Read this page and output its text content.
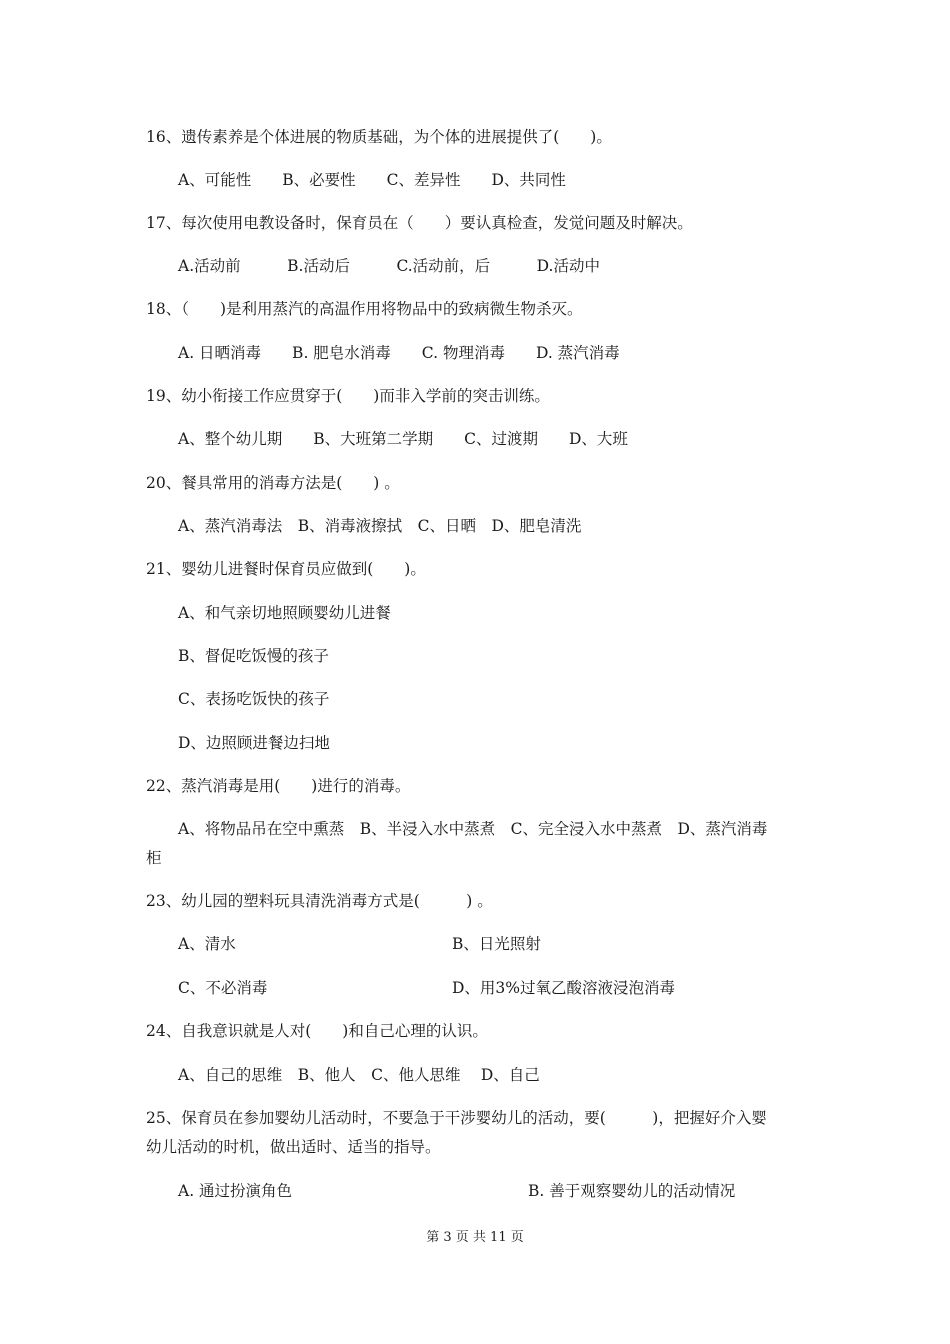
16、遗传素养是个体进展的物质基础，为个体的进展提供了(　　)。
A、可能性　　B、必要性　　C、差异性　　D、共同性
17、每次使用电教设备时，保育员在（　　）要认真检查，发觉问题及时解决。
A.活动前　　　B.活动后　　　C.活动前，后　　　D.活动中
18、（　　)是利用蒸汽的高温作用将物品中的致病微生物杀灭。
A. 日晒消毒　　B. 肥皂水消毒　　C. 物理消毒　　D. 蒸汽消毒
19、幼小衔接工作应贯穿于(　　)而非入学前的突击训练。
A、整个幼儿期　　B、大班第二学期　　C、过渡期　　D、大班
20、餐具常用的消毒方法是(　　) 。
A、蒸汽消毒法　B、消毒液擦拭　C、日晒　D、肥皂清洗
21、婴幼儿进餐时保育员应做到(　　)。
A、和气亲切地照顾婴幼儿进餐
B、督促吃饭慢的孩子
C、表扬吃饭快的孩子
D、边照顾进餐边扫地
22、蒸汽消毒是用(　　)进行的消毒。
A、将物品吊在空中熏蒸　B、半浸入水中蒸煮　C、完全浸入水中蒸煮　D、蒸汽消毒
柜
23、幼儿园的塑料玩具清洗消毒方式是(　　　) 。
A、清水	B、日光照射
C、不必消毒	D、用3%过氧乙酸溶液浸泡消毒
24、自我意识就是人对(　　)和自己心理的认识。
A、自己的思维　B、他人　C、他人思维　 D、自己
25、保育员在参加婴幼儿活动时，不要急于干涉婴幼儿的活动，要(　　　)，把握好介入婴
幼儿活动的时机，做出适时、适当的指导。
A. 通过扮演角色	B. 善于观察婴幼儿的活动情况
第 3 页 共 11 页
